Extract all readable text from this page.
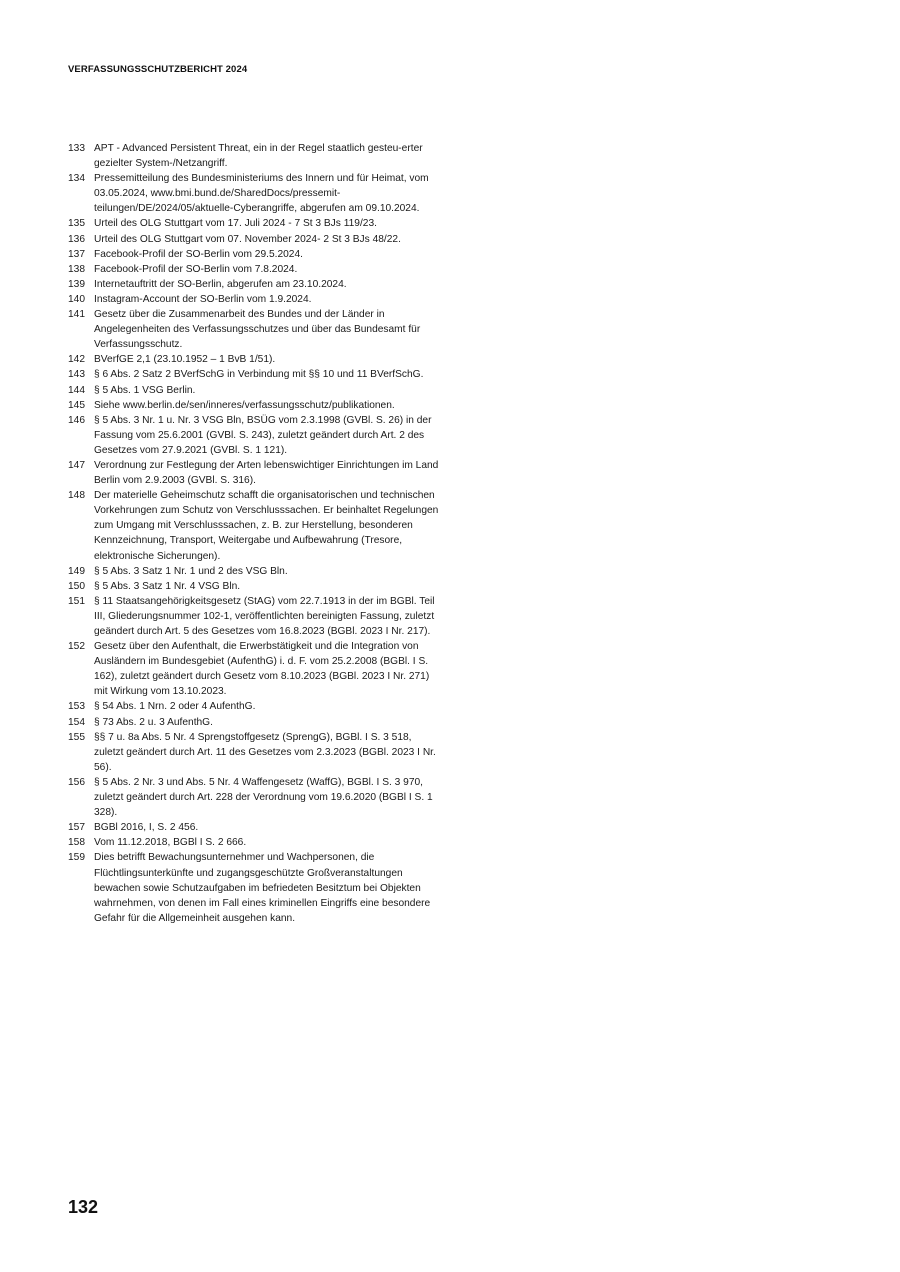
VERFASSUNGSSCHUTZBERICHT 2024
133 APT - Advanced Persistent Threat, ein in der Regel staatlich gesteu-erter gezielter System-/Netzangriff.
134 Pressemitteilung des Bundesministeriums des Innern und für Heimat, vom 03.05.2024, www.bmi.bund.de/SharedDocs/pressemit-teilungen/DE/2024/05/aktuelle-Cyberangriffe, abgerufen am 09.10.2024.
135 Urteil des OLG Stuttgart vom 17. Juli 2024 - 7 St 3 BJs 119/23.
136 Urteil des OLG Stuttgart vom 07. November 2024- 2 St 3 BJs 48/22.
137 Facebook-Profil der SO-Berlin vom 29.5.2024.
138 Facebook-Profil der SO-Berlin vom 7.8.2024.
139 Internetauftritt der SO-Berlin, abgerufen am 23.10.2024.
140 Instagram-Account der SO-Berlin vom 1.9.2024.
141 Gesetz über die Zusammenarbeit des Bundes und der Länder in Angelegenheiten des Verfassungsschutzes und über das Bundesamt für Verfassungsschutz.
142 BVerfGE 2,1 (23.10.1952 – 1 BvB 1/51).
143 § 6 Abs. 2 Satz 2 BVerfSchG in Verbindung mit §§ 10 und 11 BVerfSchG.
144 § 5 Abs. 1 VSG Berlin.
145 Siehe www.berlin.de/sen/inneres/verfassungsschutz/publikationen.
146 § 5 Abs. 3 Nr. 1 u. Nr. 3 VSG Bln, BSÜG vom 2.3.1998 (GVBl. S. 26) in der Fassung vom 25.6.2001 (GVBl. S. 243), zuletzt geändert durch Art. 2 des Gesetzes vom 27.9.2021 (GVBl. S. 1 121).
147 Verordnung zur Festlegung der Arten lebenswichtiger Einrichtungen im Land Berlin vom 2.9.2003 (GVBl. S. 316).
148 Der materielle Geheimschutz schafft die organisatorischen und technischen Vorkehrungen zum Schutz von Verschlusssachen. Er beinhaltet Regelungen zum Umgang mit Verschlusssachen, z. B. zur Herstellung, besonderen Kennzeichnung, Transport, Weitergabe und Aufbewahrung (Tresore, elektronische Sicherungen).
149 § 5 Abs. 3 Satz 1 Nr. 1 und 2 des VSG Bln.
150 § 5 Abs. 3 Satz 1 Nr. 4 VSG Bln.
151 § 11 Staatsangehörigkeitsgesetz (StAG) vom 22.7.1913 in der im BGBl. Teil III, Gliederungsnummer 102-1, veröffentlichten bereinigten Fassung, zuletzt geändert durch Art. 5 des Gesetzes vom 16.8.2023 (BGBl. 2023 I Nr. 217).
152 Gesetz über den Aufenthalt, die Erwerbstätigkeit und die Integration von Ausländern im Bundesgebiet (AufenthG) i. d. F. vom 25.2.2008 (BGBl. I S. 162), zuletzt geändert durch Gesetz vom 8.10.2023 (BGBl. 2023 I Nr. 271) mit Wirkung vom 13.10.2023.
153 § 54 Abs. 1 Nrn. 2 oder 4 AufenthG.
154 § 73 Abs. 2 u. 3 AufenthG.
155 §§ 7 u. 8a Abs. 5 Nr. 4 Sprengstoffgesetz (SprengG), BGBl. I S. 3 518, zuletzt geändert durch Art. 11 des Gesetzes vom 2.3.2023 (BGBl. 2023 I Nr. 56).
156 § 5 Abs. 2 Nr. 3 und Abs. 5 Nr. 4 Waffengesetz (WaffG), BGBl. I S. 3 970, zuletzt geändert durch Art. 228 der Verordnung vom 19.6.2020 (BGBl I S. 1 328).
157 BGBl 2016, I, S. 2 456.
158 Vom 11.12.2018, BGBl I S. 2 666.
159 Dies betrifft Bewachungsunternehmer und Wachpersonen, die Flüchtlingsunterkünfte und zugangsgeschützte Großveranstaltungen bewachen sowie Schutzaufgaben im befriedeten Besitztum bei Objekten wahrnehmen, von denen im Fall eines kriminellen Eingriffs eine besondere Gefahr für die Allgemeinheit ausgehen kann.
132
